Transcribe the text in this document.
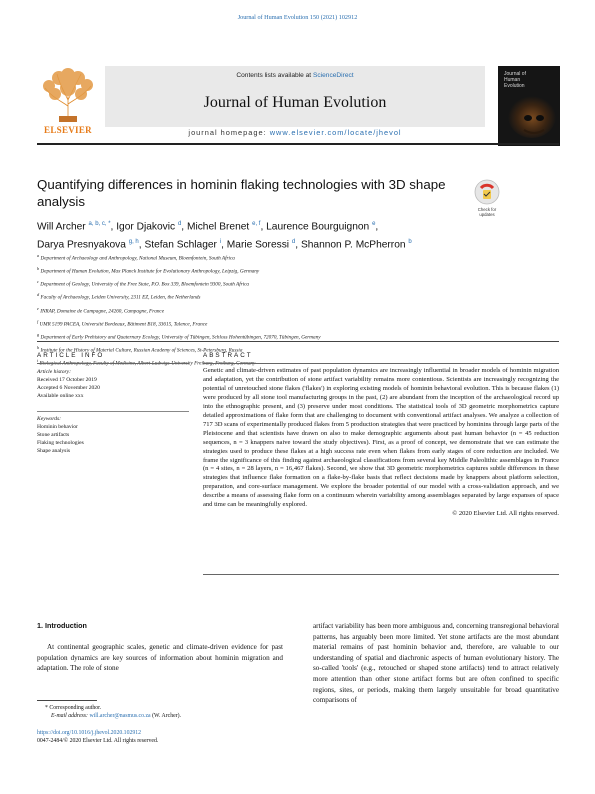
Journal of Human Evolution 150 (2021) 102912
ELSEVIER
Contents lists available at ScienceDirect
Journal of Human Evolution
journal homepage: www.elsevier.com/locate/jhevol
Journal of
Human
Evolution
Quantifying differences in hominin flaking technologies with 3D shape analysis
Check for
updates
Will Archer $^{a, b, c, *}$, Igor Djakovic $^d$, Michel Brenet $^{e, f}$, Laurence Bourguignon $^e$,
Darya Presnyakova $^{g, h}$, Stefan Schlager $^i$, Marie Soressi $^d$, Shannon P. McPherron $^b$
$^a$ Department of Archaeology and Anthropology, National Museum, Bloemfontein, South Africa
$^b$ Department of Human Evolution, Max Planck Institute for Evolutionary Anthropology, Leipzig, Germany
$^c$ Department of Geology, University of the Free State, P.O. Box 339, Bloemfontein 9300, South Africa
$^d$ Faculty of Archaeology, Leiden University, 2311 EZ, Leiden, the Netherlands
$^e$ INRAP, Domaine de Campagne, 24260, Campagne, France
$^f$ UMR 5199 PACEA, Université Bordeaux, Bâtiment B18, 33615, Talence, France
$^g$ Department of Early Prehistory and Quaternary Ecology, University of Tübingen, Schloss Hohentübingen, 72070, Tübingen, Germany
$^h$ Institute for the History of Material Culture, Russian Academy of Sciences, St-Petersburg, Russia
$^i$ Biological Anthropology, Faculty of Medicine, Albert-Ludwigs-University Freiburg, Freiburg, Germany
ARTICLE INFO
Article history:
Received 17 October 2019
Accepted 6 November 2020
Available online xxx
Keywords:
Hominin behavior
Stone artifacts
Flaking technologies
Shape analysis
ABSTRACT
Genetic and climate-driven estimates of past population dynamics are increasingly influential in broader models of hominin migration and adaptation, yet the contribution of stone artifact variability remains more contentious. Scientists are increasingly recognizing the potential of unretouched stone flakes ('flakes') in exploring existing models of hominin behavioral evolution. This is because flakes (1) were produced by all stone tool manufacturing groups in the past, (2) are abundant from the inception of the archaeological record up into the ethnographic present, and (3) preserve under most conditions. The statistical tools of 3D geometric morphometrics capture detailed approximations of flake form that are challenging to document with conventional artifact analyses. We analyze a collection of 717 3D scans of experimentally produced flakes from 5 production strategies that were practiced by hominins through large parts of the Pleistocene and that scientists have drawn on also to make demographic arguments about past human behavior (n = 45 reduction sequences, n = 3 knappers naive toward the study objectives). First, as a proof of concept, we demonstrate that we can estimate the strategies used to produce these flakes at a high success rate even when flakes from early stages of core reduction are included. We frame the significance of this finding against archaeological classifications from several key Middle Paleolithic assemblages in France (n = 4 sites, n = 28 layers, n = 16,467 flakes). Second, we show that 3D geometric morphometrics captures subtle differences in these strategies that influence flake formation on a flake-by-flake basis that reflect decisions made by knappers about platform selection, preparation, and core-surface management. We explore the broader potential of our model with a cross-validation approach, and we describe a means of assessing flake form on a continuum wherein variability among assemblages separated by large expanses of space and time can be meaningfully explored.
© 2020 Elsevier Ltd. All rights reserved.
1. Introduction
At continental geographic scales, genetic and climate-driven evidence for past population dynamics are key sources of information about hominin migration and adaptation. The role of stone
artifact variability has been more ambiguous and, concerning transregional behavioral patterns, has arguably been more limited. Yet stone artifacts are the most abundant material remains of past hominin behavior and, therefore, are valuable to our understanding of spatial and diachronic aspects of human evolutionary history. The so-called 'tools' (e.g., retouched or shaped stone artifacts) tend to attract relatively more attention than other stone artifact forms but are often confined to specific regions, sites, or periods, making them largely unsuitable for broad quantitative comparisons of
* Corresponding author.
E-mail address: will.archer@nasmus.co.za (W. Archer).
https://doi.org/10.1016/j.jhevol.2020.102912
0047-2484/© 2020 Elsevier Ltd. All rights reserved.
